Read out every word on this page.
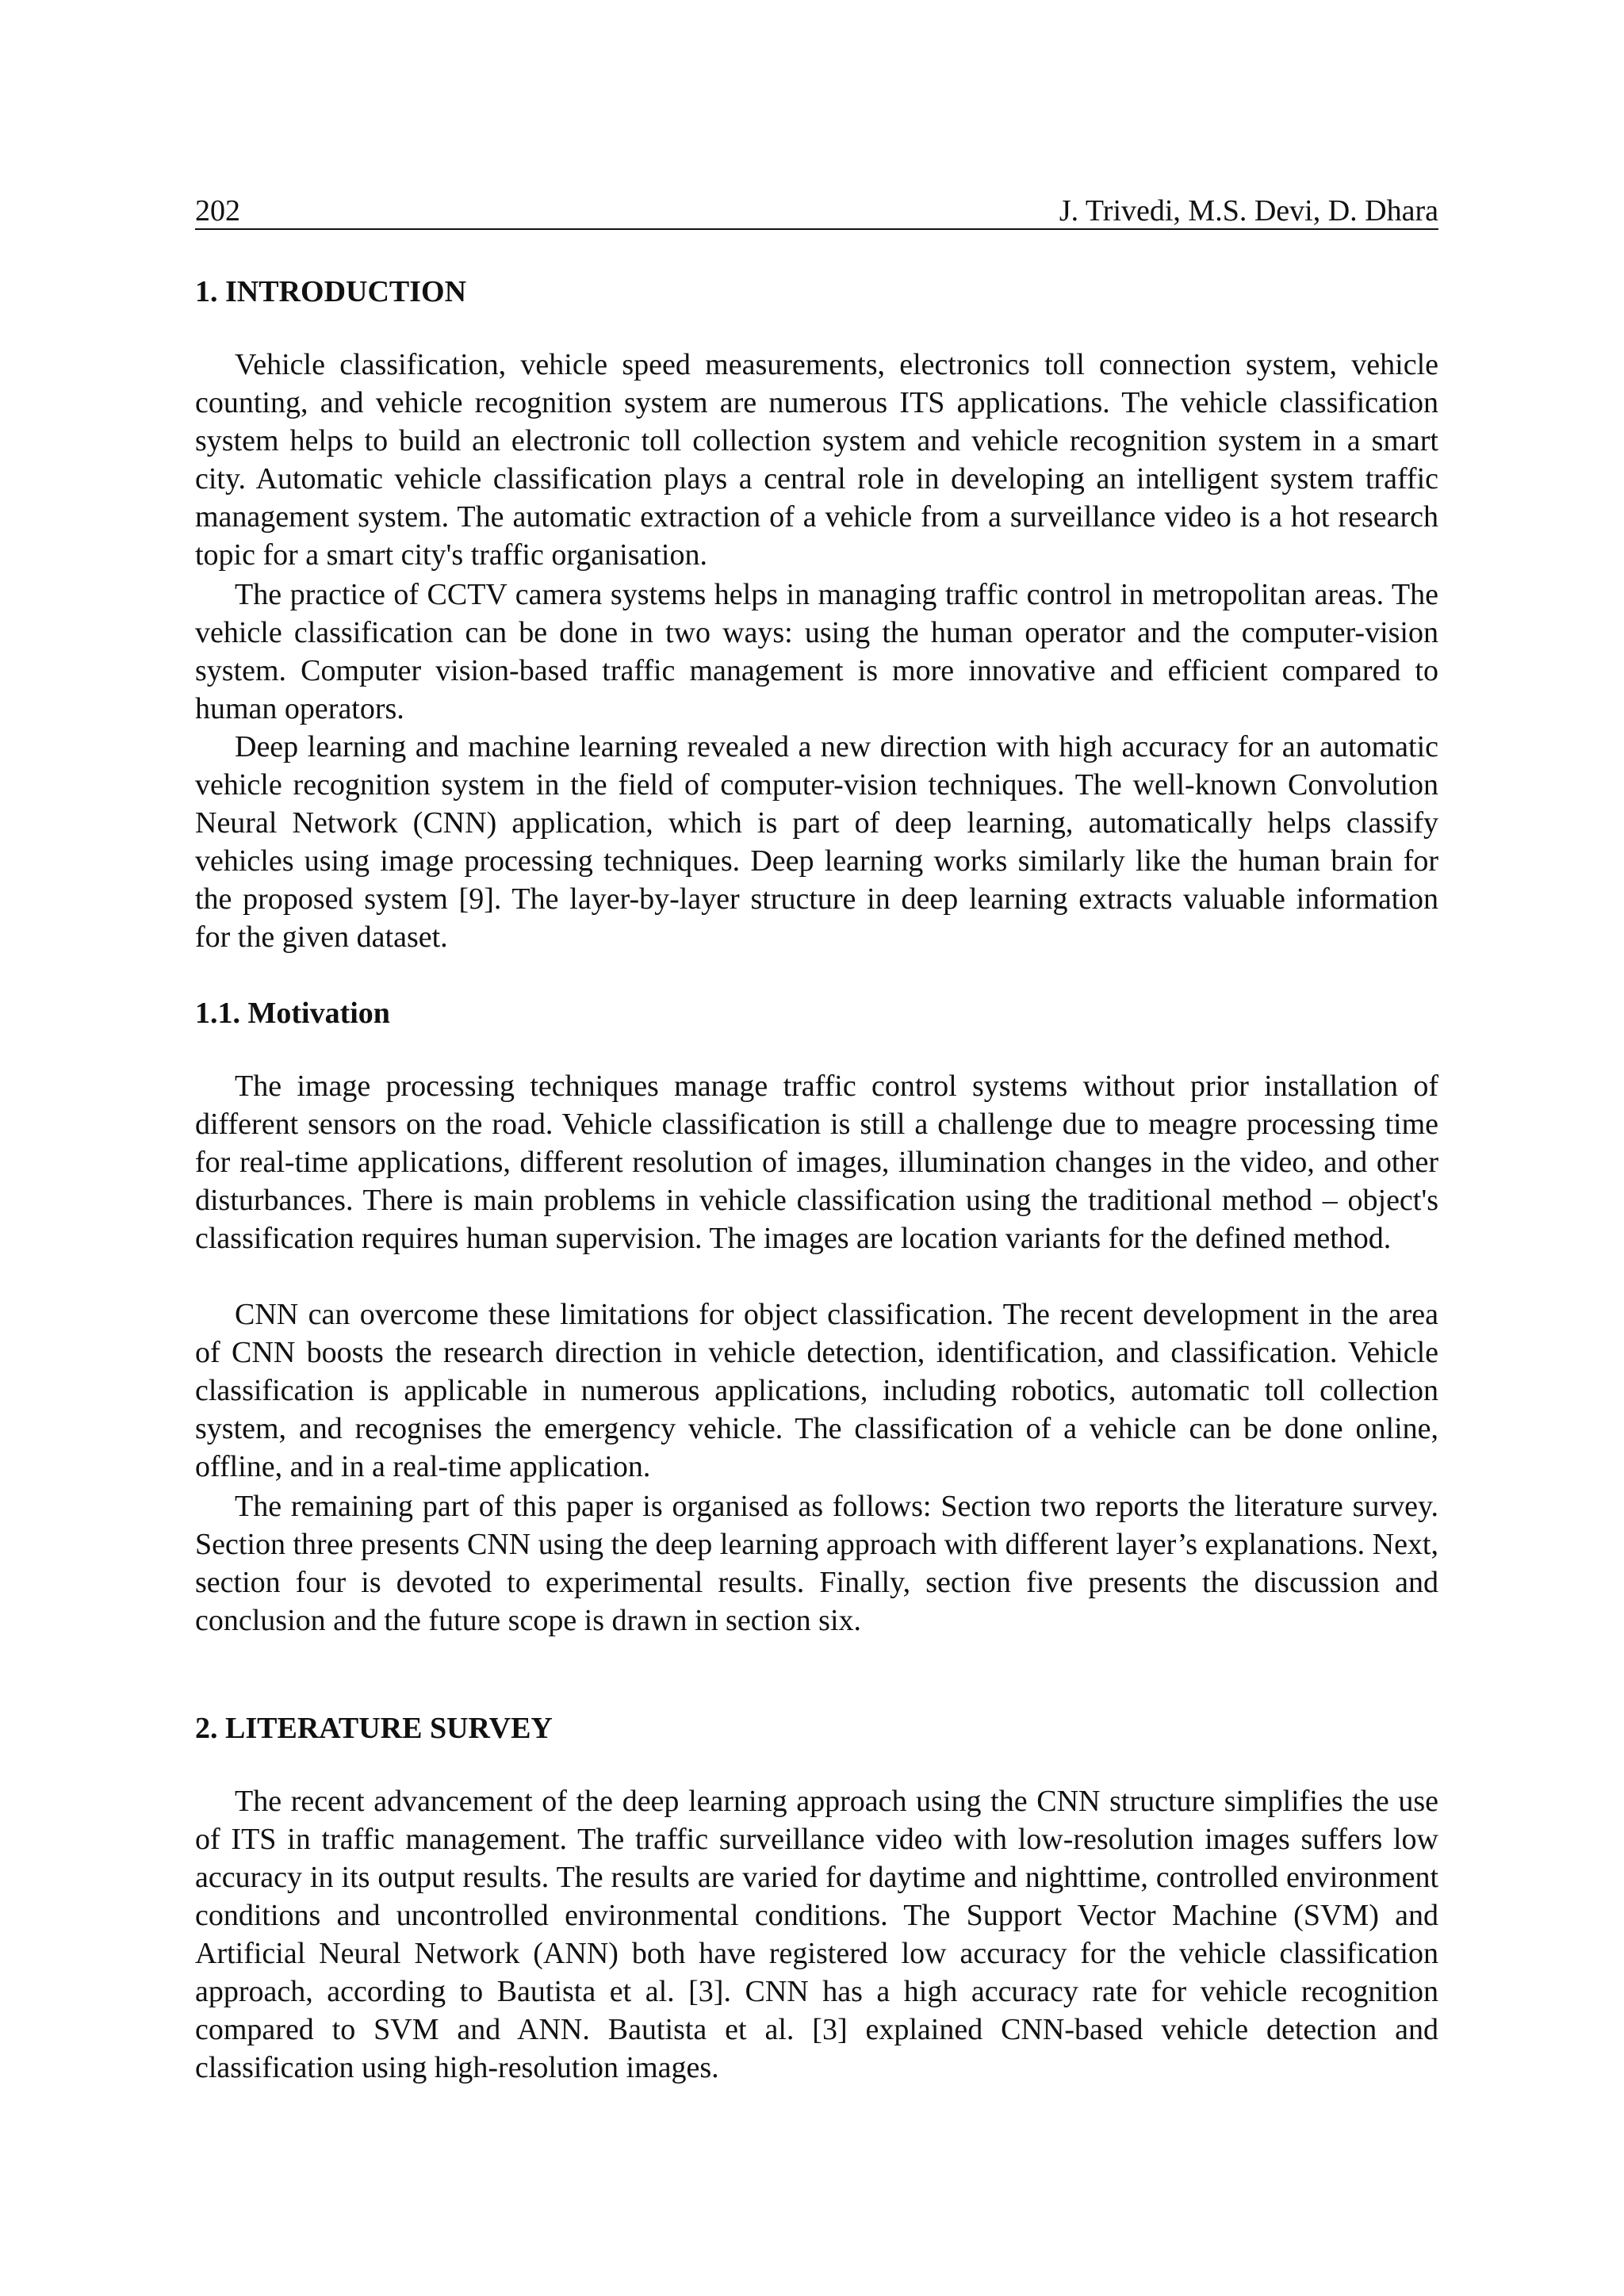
202	J. Trivedi, M.S. Devi, D. Dhara
1. INTRODUCTION

Vehicle classification, vehicle speed measurements, electronics toll connection system, vehicle counting, and vehicle recognition system are numerous ITS applications. The vehicle classification system helps to build an electronic toll collection system and vehicle recognition system in a smart city. Automatic vehicle classification plays a central role in developing an intelligent system traffic management system. The automatic extraction of a vehicle from a surveillance video is a hot research topic for a smart city's traffic organisation.

The practice of CCTV camera systems helps in managing traffic control in metropolitan areas. The vehicle classification can be done in two ways: using the human operator and the computer-vision system. Computer vision-based traffic management is more innovative and efficient compared to human operators.

Deep learning and machine learning revealed a new direction with high accuracy for an automatic vehicle recognition system in the field of computer-vision techniques. The well-known Convolution Neural Network (CNN) application, which is part of deep learning, automatically helps classify vehicles using image processing techniques. Deep learning works similarly like the human brain for the proposed system [9]. The layer-by-layer structure in deep learning extracts valuable information for the given dataset.

1.1. Motivation

The image processing techniques manage traffic control systems without prior installation of different sensors on the road. Vehicle classification is still a challenge due to meagre processing time for real-time applications, different resolution of images, illumination changes in the video, and other disturbances. There is main problems in vehicle classification using the traditional method – object's classification requires human supervision. The images are location variants for the defined method.

CNN can overcome these limitations for object classification. The recent development in the area of CNN boosts the research direction in vehicle detection, identification, and classification. Vehicle classification is applicable in numerous applications, including robotics, automatic toll collection system, and recognises the emergency vehicle. The classification of a vehicle can be done online, offline, and in a real-time application.

The remaining part of this paper is organised as follows: Section two reports the literature survey. Section three presents CNN using the deep learning approach with different layer’s explanations. Next, section four is devoted to experimental results. Finally, section five presents the discussion and conclusion and the future scope is drawn in section six.

2. LITERATURE SURVEY

The recent advancement of the deep learning approach using the CNN structure simplifies the use of ITS in traffic management. The traffic surveillance video with low-resolution images suffers low accuracy in its output results. The results are varied for daytime and nighttime, controlled environment conditions and uncontrolled environmental conditions. The Support Vector Machine (SVM) and Artificial Neural Network (ANN) both have registered low accuracy for the vehicle classification approach, according to Bautista et al. [3]. CNN has a high accuracy rate for vehicle recognition compared to SVM and ANN. Bautista et al. [3] explained CNN-based vehicle detection and classification using high-resolution images.
